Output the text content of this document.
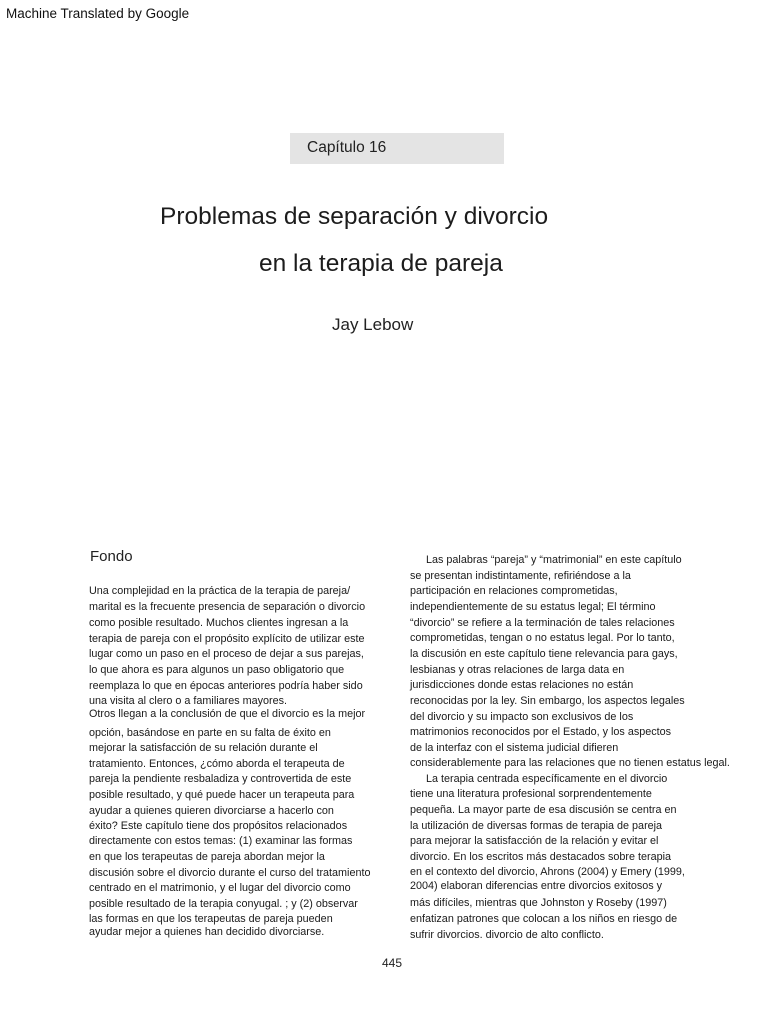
Machine Translated by Google
Capítulo 16
Problemas de separación y divorcio
en la terapia de pareja
Jay Lebow
Fondo
Una complejidad en la práctica de la terapia de pareja/
marital es la frecuente presencia de separación o divorcio
como posible resultado. Muchos clientes ingresan a la
terapia de pareja con el propósito explícito de utilizar este
lugar como un paso en el proceso de dejar a sus parejas,
lo que ahora es para algunos un paso obligatorio que
reemplaza lo que en épocas anteriores podría haber sido
una visita al clero o a familiares mayores.
Otros llegan a la conclusión de que el divorcio es la mejor
opción, basándose en parte en su falta de éxito en
mejorar la satisfacción de su relación durante el
tratamiento. Entonces, ¿cómo aborda el terapeuta de
pareja la pendiente resbaladiza y controvertida de este
posible resultado, y qué puede hacer un terapeuta para
ayudar a quienes quieren divorciarse a hacerlo con
éxito? Este capítulo tiene dos propósitos relacionados
directamente con estos temas: (1) examinar las formas
en que los terapeutas de pareja abordan mejor la
discusión sobre el divorcio durante el curso del tratamiento
centrado en el matrimonio, y el lugar del divorcio como
posible resultado de la terapia conyugal. ; y (2) observar
las formas en que los terapeutas de pareja pueden
ayudar mejor a quienes han decidido divorciarse.
Las palabras “pareja” y “matrimonial” en este capítulo
se presentan indistintamente, refiriéndose a la
participación en relaciones comprometidas,
independientemente de su estatus legal; El término
“divorcio” se refiere a la terminación de tales relaciones
comprometidas, tengan o no estatus legal. Por lo tanto,
la discusión en este capítulo tiene relevancia para gays,
lesbianas y otras relaciones de larga data en
jurisdicciones donde estas relaciones no están
reconocidas por la ley. Sin embargo, los aspectos legales
del divorcio y su impacto son exclusivos de los
matrimonios reconocidos por el Estado, y los aspectos
de la interfaz con el sistema judicial difieren
considerablemente para las relaciones que no tienen estatus legal.
La terapia centrada específicamente en el divorcio
tiene una literatura profesional sorprendentemente
pequeña. La mayor parte de esa discusión se centra en
la utilización de diversas formas de terapia de pareja
para mejorar la satisfacción de la relación y evitar el
divorcio. En los escritos más destacados sobre terapia
en el contexto del divorcio, Ahrons (2004) y Emery (1999,
2004) elaboran diferencias entre divorcios exitosos y
más difíciles, mientras que Johnston y Roseby (1997)
enfatizan patrones que colocan a los niños en riesgo de
sufrir divorcios. divorcio de alto conflicto.
445
